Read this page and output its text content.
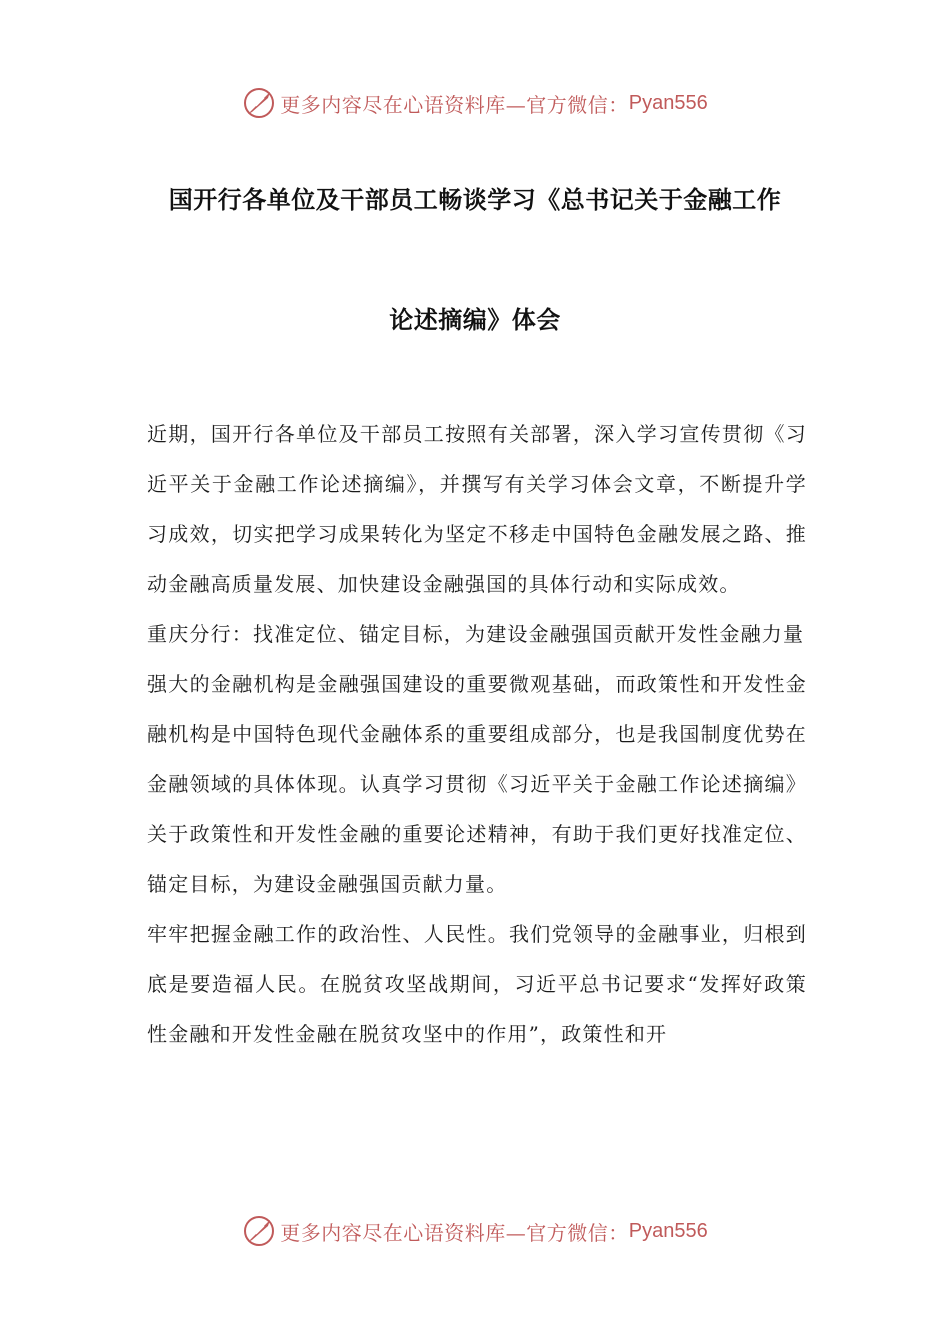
更多内容尽在心语资料库—官方微信： Pyan556
国开行各单位及干部员工畅谈学习《总书记关于金融工作
论述摘编》体会

近期，国开行各单位及干部员工按照有关部署，深入学习宣传贯彻《习近平关于金融工作论述摘编》，并撰写有关学习体会文章，不断提升学习成效，切实把学习成果转化为坚定不移走中国特色金融发展之路、推动金融高质量发展、加快建设金融强国的具体行动和实际成效。

重庆分行：找准定位、锚定目标，为建设金融强国贡献开发性金融力量

强大的金融机构是金融强国建设的重要微观基础，而政策性和开发性金融机构是中国特色现代金融体系的重要组成部分，也是我国制度优势在金融领域的具体体现。认真学习贯彻《习近平关于金融工作论述摘编》关于政策性和开发性金融的重要论述精神，有助于我们更好找准定位、锚定目标，为建设金融强国贡献力量。

牢牢把握金融工作的政治性、人民性。我们党领导的金融事业，归根到底是要造福人民。在脱贫攻坚战期间，习近平总书记要求“发挥好政策性金融和开发性金融在脱贫攻坚中的作用”，政策性和开

更多内容尽在心语资料库—官方微信： Pyan556
